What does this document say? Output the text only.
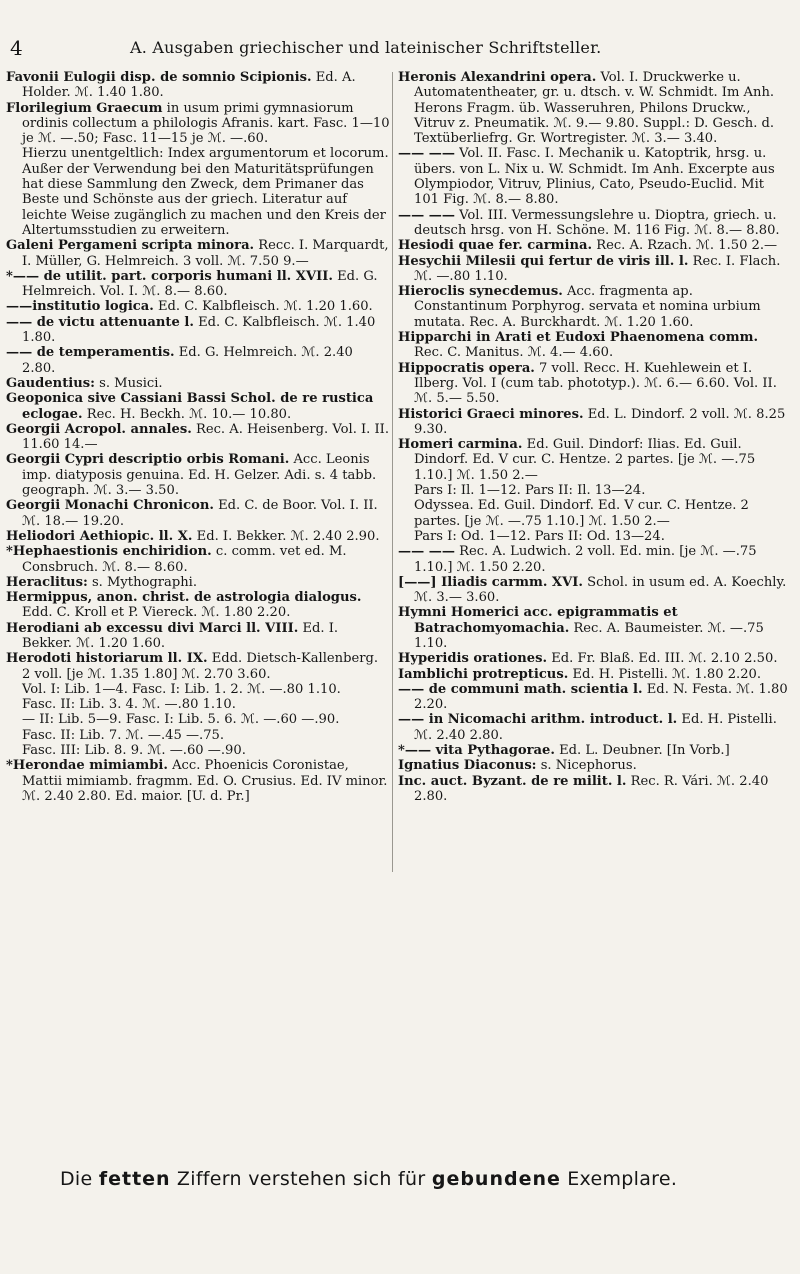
4	A. Ausgaben griechischer und lateinischer Schriftsteller.
Favonii Eulogii disp. de somnio Scipionis. Ed. A. Holder. ℳ. 1.40 1.80.
Florilegium Graecum in usum primi gymnasiorum ordinis collectum a philologis Afranis. kart. Fasc. 1—10 je ℳ. —.50; Fasc. 11—15 je ℳ. —.60.
Hierzu unentgeltlich: Index argumentorum et locorum.
Außer der Verwendung bei den Maturitätsprüfungen hat diese Sammlung den Zweck, dem Primaner das Beste und Schönste aus der griech. Literatur auf leichte Weise zugänglich zu machen und den Kreis der Altertumsstudien zu erweitern.
Galeni Pergameni scripta minora. Recc. I. Marquardt, I. Müller, G. Helmreich. 3 voll. ℳ. 7.50 9.—
*—— de utilit. part. corporis humani ll. XVII. Ed. G. Helmreich. Vol. I. ℳ. 8.— 8.60.
——institutio logica. Ed. C. Kalbfleisch. ℳ. 1.20 1.60.
—— de victu attenuante l. Ed. C. Kalbfleisch. ℳ. 1.40 1.80.
—— de temperamentis. Ed. G. Helmreich. ℳ. 2.40 2.80.
Gaudentius: s. Musici.
Geoponica sive Cassiani Bassi Schol. de re rustica eclogae. Rec. H. Beckh. ℳ. 10.— 10.80.
Georgii Acropol. annales. Rec. A. Heisenberg. Vol. I. II. 11.60 14.—
Georgii Cypri descriptio orbis Romani. Acc. Leonis imp. diatyposis genuina. Ed. H. Gelzer. Adi. s. 4 tabb. geograph. ℳ. 3.— 3.50.
Georgii Monachi Chronicon. Ed. C. de Boor. Vol. I. II. ℳ. 18.— 19.20.
Heliodori Aethiopic. ll. X. Ed. I. Bekker. ℳ. 2.40 2.90.
*Hephaestionis enchiridion. c. comm. vet ed. M. Consbruch. ℳ. 8.— 8.60.
Heraclitus: s. Mythographi.
Hermippus, anon. christ. de astrologia dialogus. Edd. C. Kroll et P. Viereck. ℳ. 1.80 2.20.
Herodiani ab excessu divi Marci ll. VIII. Ed. I. Bekker. ℳ. 1.20 1.60.
Herodoti historiarum ll. IX. Edd. Dietsch-Kallenberg. 2 voll. [je ℳ. 1.35 1.80] ℳ. 2.70 3.60.
Vol. I: Lib. 1—4. Fasc. I: Lib. 1. 2. ℳ. —.80 1.10.
Fasc. II: Lib. 3. 4. ℳ. —.80 1.10.
— II: Lib. 5—9. Fasc. I: Lib. 5. 6. ℳ. —.60 —.90.
Fasc. II: Lib. 7. ℳ. —.45 —.75.
Fasc. III: Lib. 8. 9. ℳ. —.60 —.90.
*Herondae mimiambi. Acc. Phoenicis Coronistae, Mattii mimiamb. fragmm. Ed. O. Crusius. Ed. IV minor. ℳ. 2.40 2.80. Ed. maior. [U. d. Pr.]
Heronis Alexandrini opera. Vol. I. Druckwerke u. Automatentheater, gr. u. dtsch. v. W. Schmidt. Im Anh. Herons Fragm. üb. Wasseruhren, Philons Druckw., Vitruv z. Pneumatik. ℳ. 9.— 9.80. Suppl.: D. Gesch. d. Textüberliefrg. Gr. Wortregister. ℳ. 3.— 3.40.
—— —— Vol. II. Fasc. I. Mechanik u. Katoptrik, hrsg. u. übers. von L. Nix u. W. Schmidt. Im Anh. Excerpte aus Olympiodor, Vitruv, Plinius, Cato, Pseudo-Euclid. Mit 101 Fig. ℳ. 8.— 8.80.
—— —— Vol. III. Vermessungslehre u. Dioptra, griech. u. deutsch hrsg. von H. Schöne. M. 116 Fig. ℳ. 8.— 8.80.
Hesiodi quae fer. carmina. Rec. A. Rzach. ℳ. 1.50 2.—
Hesychii Milesii qui fertur de viris ill. l. Rec. I. Flach. ℳ. —.80 1.10.
Hieroclis synecdemus. Acc. fragmenta ap. Constantinum Porphyrog. servata et nomina urbium mutata. Rec. A. Burckhardt. ℳ. 1.20 1.60.
Hipparchi in Arati et Eudoxi Phaenomena comm. Rec. C. Manitus. ℳ. 4.— 4.60.
Hippocratis opera. 7 voll. Recc. H. Kuehlewein et I. Ilberg. Vol. I (cum tab. phototyp.). ℳ. 6.— 6.60. Vol. II. ℳ. 5.— 5.50.
Historici Graeci minores. Ed. L. Dindorf. 2 voll. ℳ. 8.25 9.30.
Homeri carmina. Ed. Guil. Dindorf: Ilias. Ed. Guil. Dindorf. Ed. V cur. C. Hentze. 2 partes. [je ℳ. —.75 1.10.] ℳ. 1.50 2.—
Pars I: Il. 1—12. Pars II: Il. 13—24.
Odyssea. Ed. Guil. Dindorf. Ed. V cur. C. Hentze. 2 partes. [je ℳ. —.75 1.10.] ℳ. 1.50 2.—
Pars I: Od. 1—12. Pars II: Od. 13—24.
—— —— Rec. A. Ludwich. 2 voll. Ed. min. [je ℳ. —.75 1.10.] ℳ. 1.50 2.20.
[——] Iliadis carmm. XVI. Schol. in usum ed. A. Koechly. ℳ. 3.— 3.60.
Hymni Homerici acc. epigrammatis et Batrachomyomachia. Rec. A. Baumeister. ℳ. —.75 1.10.
Hyperidis orationes. Ed. Fr. Blaß. Ed. III. ℳ. 2.10 2.50.
Iamblichi protrepticus. Ed. H. Pistelli. ℳ. 1.80 2.20.
—— de communi math. scientia l. Ed. N. Festa. ℳ. 1.80 2.20.
—— in Nicomachi arithm. introduct. l. Ed. H. Pistelli. ℳ. 2.40 2.80.
*—— vita Pythagorae. Ed. L. Deubner. [In Vorb.]
Ignatius Diaconus: s. Nicephorus.
Inc. auct. Byzant. de re milit. l. Rec. R. Vári. ℳ. 2.40 2.80.
Die fetten Ziffern verstehen sich für gebundene Exemplare.
